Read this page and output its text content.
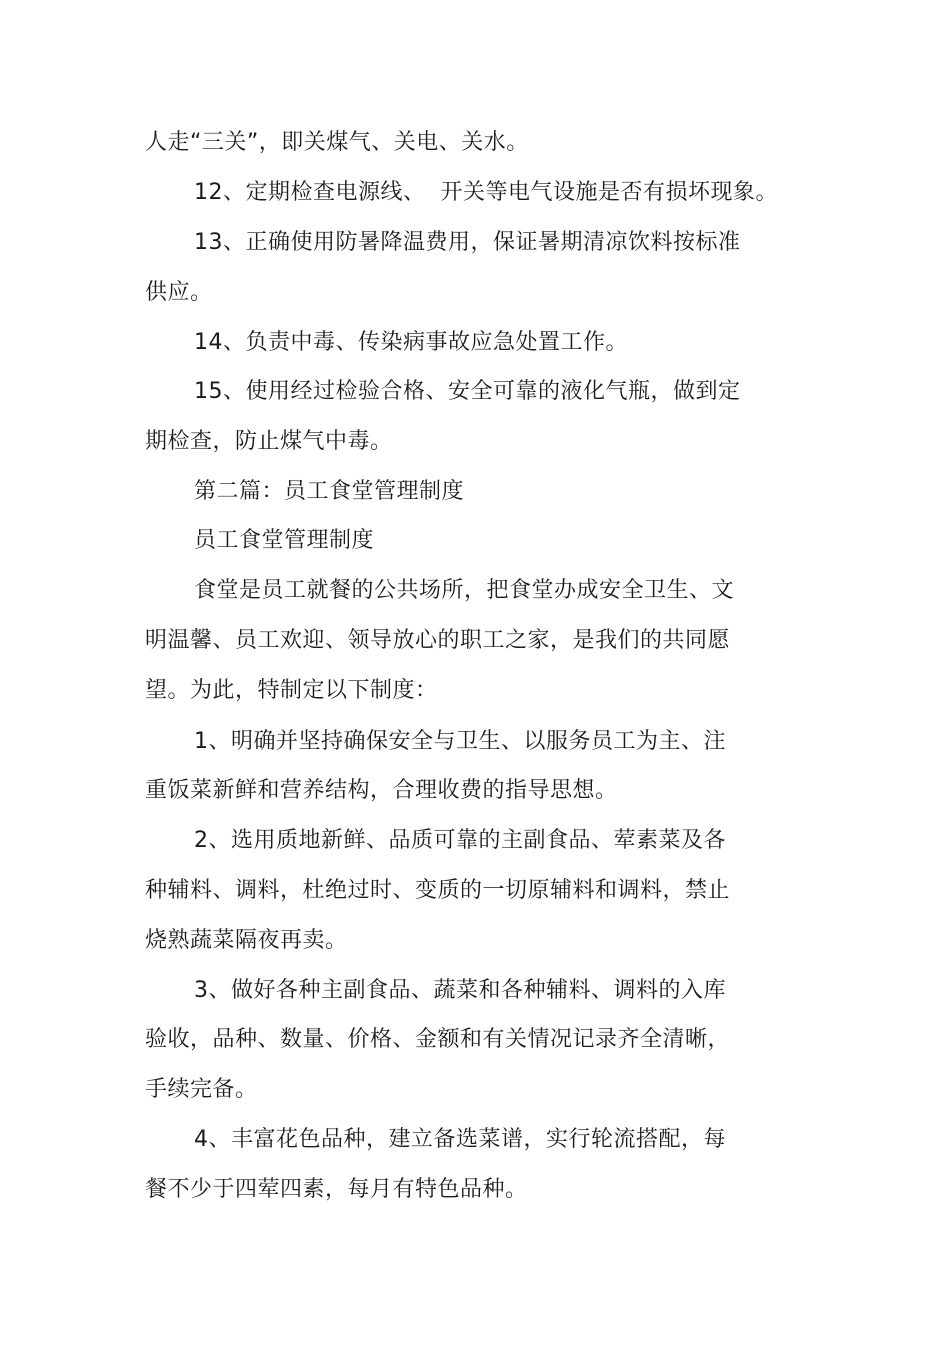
人走“三关”，即关煤气、关电、关水。

12、定期检查电源线、  开关等电气设施是否有损坏现象。

13、正确使用防暑降温费用，保证暑期清凉饮料按标准

供应。

14、负责中毒、传染病事故应急处置工作。

15、使用经过检验合格、安全可靠的液化气瓶，做到定

期检查，防止煤气中毒。

第二篇：员工食堂管理制度

员工食堂管理制度

食堂是员工就餐的公共场所，把食堂办成安全卫生、文

明温馨、员工欢迎、领导放心的职工之家，是我们的共同愿

望。为此，特制定以下制度：

1、明确并坚持确保安全与卫生、以服务员工为主、注

重饭菜新鲜和营养结构，合理收费的指导思想。

2、选用质地新鲜、品质可靠的主副食品、荤素菜及各

种辅料、调料，杜绝过时、变质的一切原辅料和调料，禁止

烧熟蔬菜隔夜再卖。

3、做好各种主副食品、蔬菜和各种辅料、调料的入库

验收，品种、数量、价格、金额和有关情况记录齐全清晰，

手续完备。

4、丰富花色品种，建立备选菜谱，实行轮流搭配，每

餐不少于四荤四素，每月有特色品种。
